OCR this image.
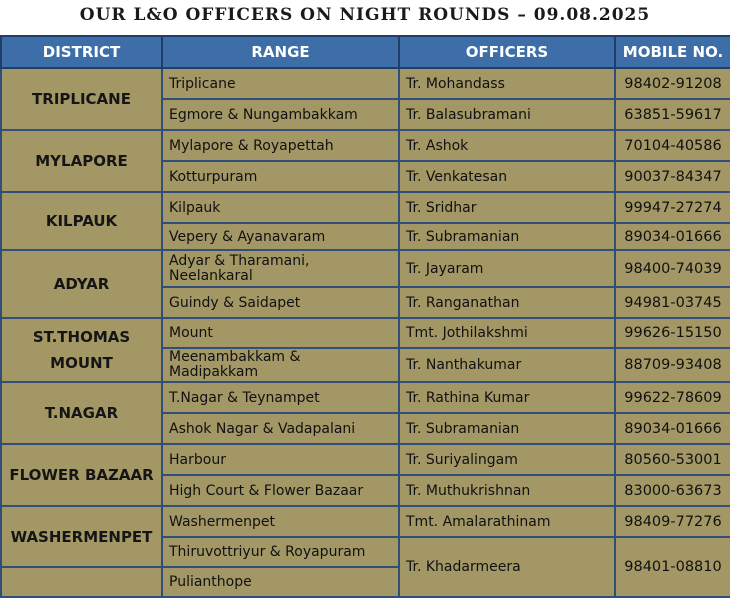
OUR L&O OFFICERS ON NIGHT ROUNDS – 09.08.2025
DISTRICT	RANGE	OFFICERS	MOBILE NO.
TRIPLICANE	Triplicane	Tr. Mohandass	98402-91208
	Egmore & Nungambakkam	Tr. Balasubramani	63851-59617
MYLAPORE	Mylapore & Royapettah	Tr. Ashok	70104-40586
	Kotturpuram	Tr. Venkatesan	90037-84347
KILPAUK	Kilpauk	Tr. Sridhar	99947-27274
	Vepery & Ayanavaram	Tr. Subramanian	89034-01666
ADYAR	Adyar & Tharamani, Neelankaral	Tr. Jayaram	98400-74039
	Guindy & Saidapet	Tr. Ranganathan	94981-03745
ST.THOMAS MOUNT	Mount	Tmt. Jothilakshmi	99626-15150
	Meenambakkam & Madipakkam	Tr. Nanthakumar	88709-93408
T.NAGAR	T.Nagar & Teynampet	Tr. Rathina Kumar	99622-78609
	Ashok Nagar & Vadapalani	Tr. Subramanian	89034-01666
FLOWER BAZAAR	Harbour	Tr. Suriyalingam	80560-53001
	High Court & Flower Bazaar	Tr. Muthukrishnan	83000-63673
WASHERMENPET	Washermenpet	Tmt. Amalarathinam	98409-77276
	Thiruvottriyur & Royapuram	Tr. Khadarmeera	98401-08810
	Pulianthope		
